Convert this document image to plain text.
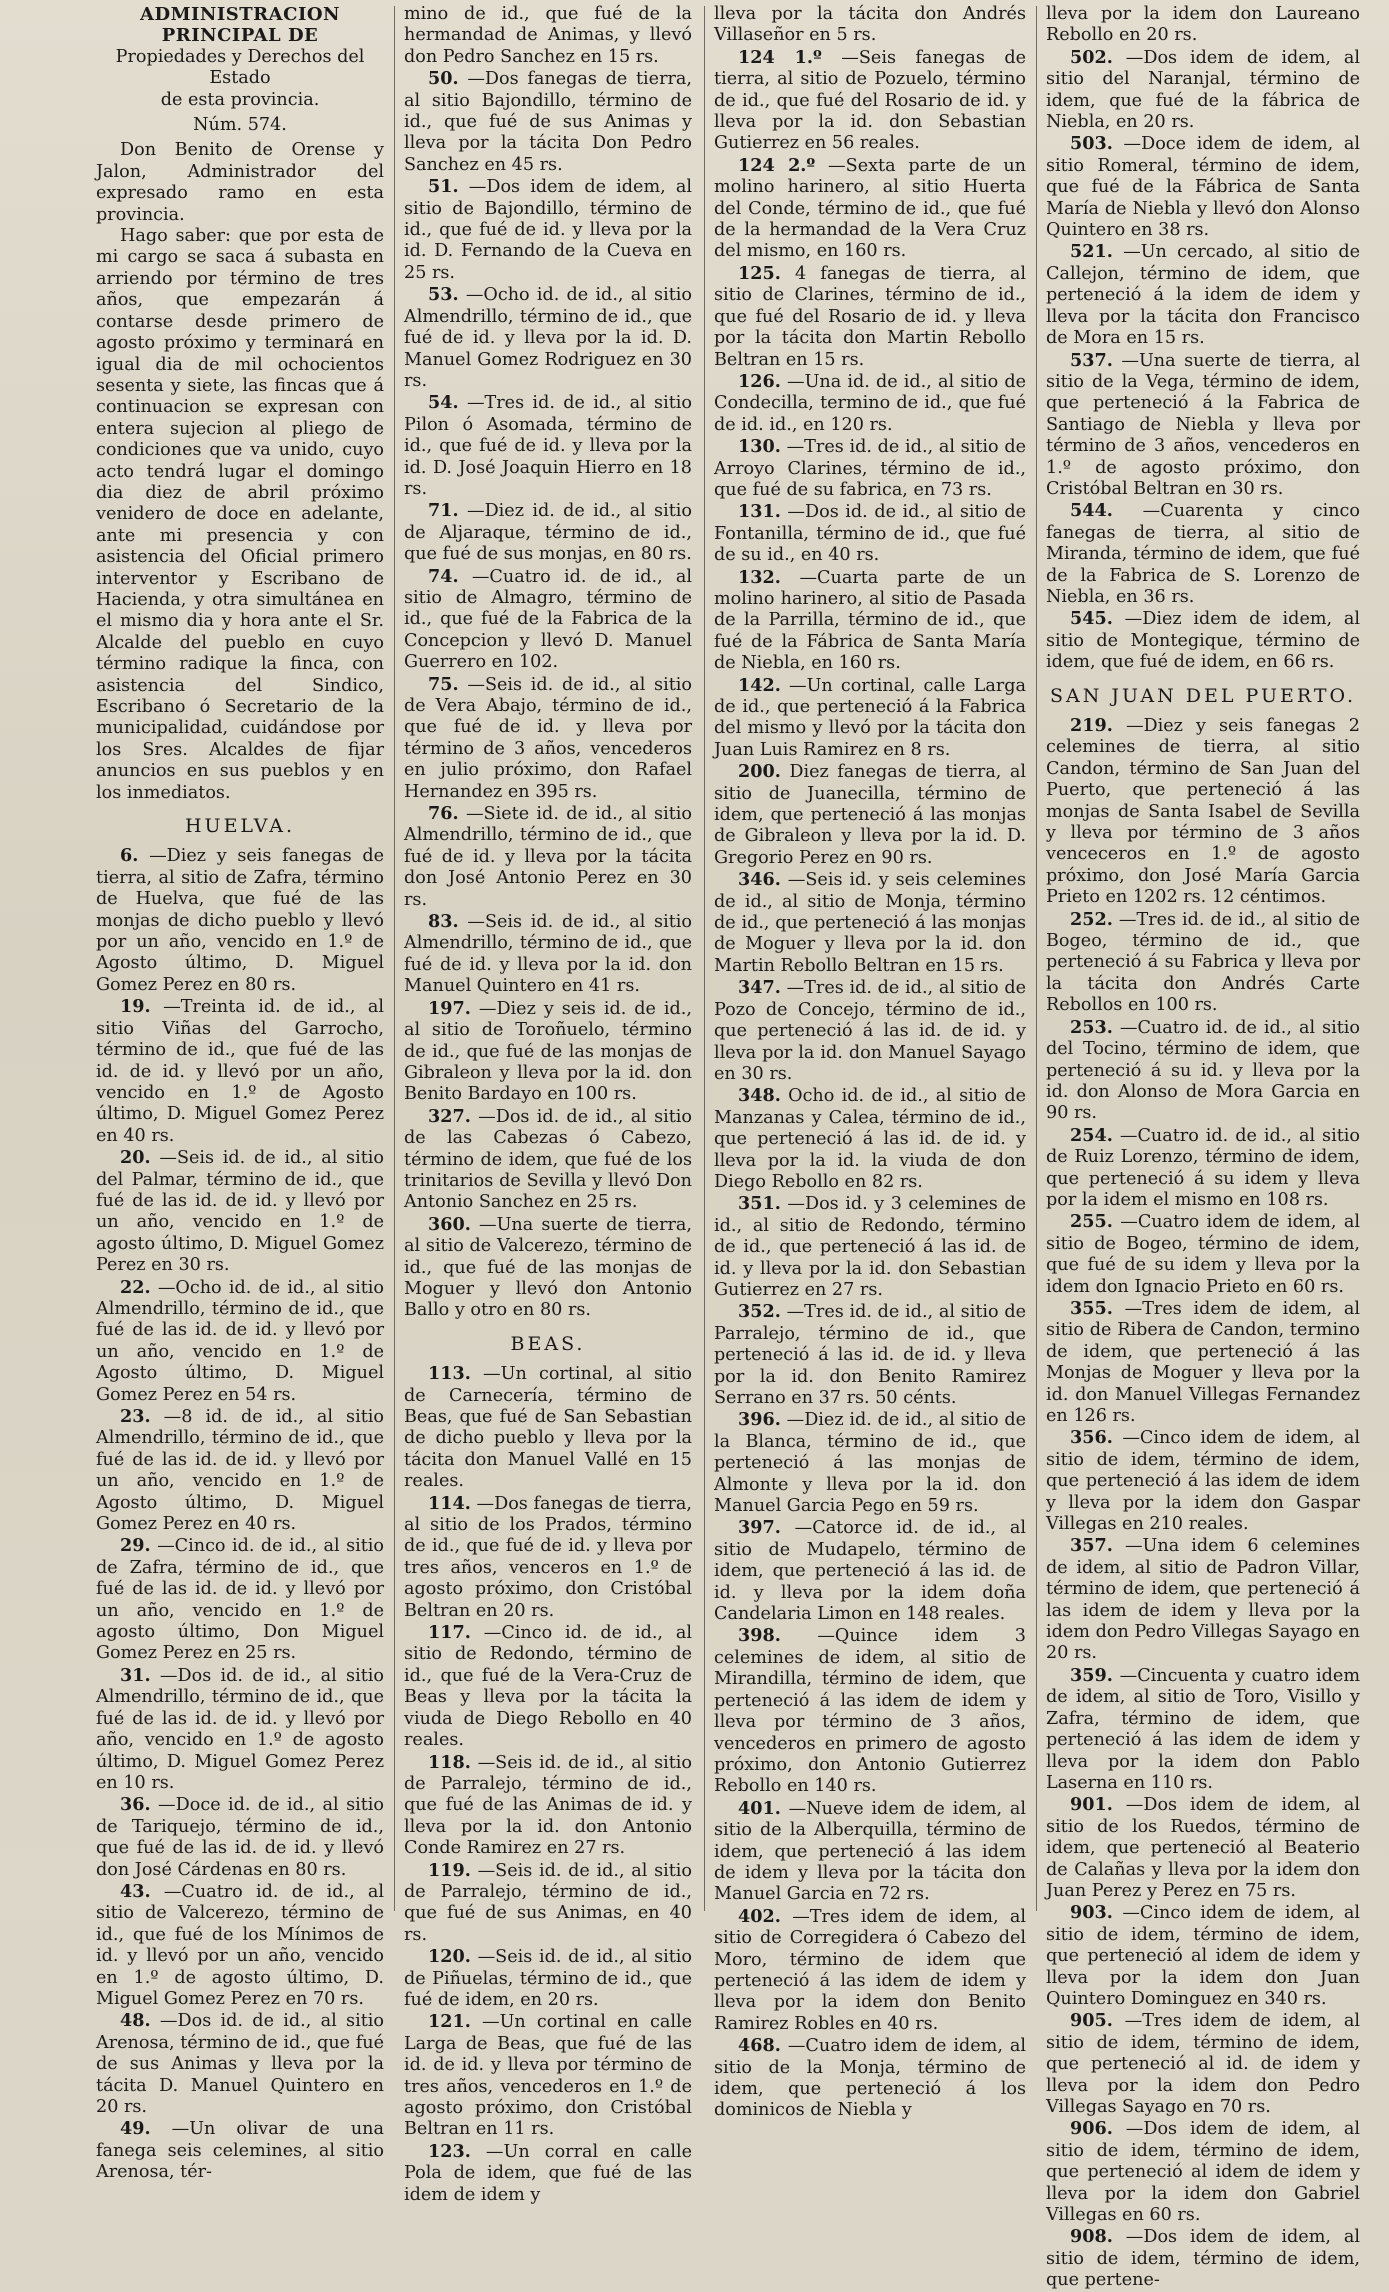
ADMINISTRACION PRINCIPAL DE
Propiedades y Derechos del Estado
de esta provincia.
Núm. 574.

Don Benito de Orense y Jalon, Administrador del expresado ramo en esta provincia.

Hago saber: que por esta de mi cargo se saca á subasta en arriendo por término de tres años, que empezarán á contarse desde primero de agosto próximo y terminará en igual dia de mil ochocientos sesenta y siete, las fincas que á continuacion se expresan con entera sujecion al pliego de condiciones que va unido, cuyo acto tendrá lugar el domingo dia diez de abril próximo venidero de doce en adelante, ante mi presencia y con asistencia del Oficial primero interventor y Escribano de Hacienda, y otra simultánea en el mismo dia y hora ante el Sr. Alcalde del pueblo en cuyo término radique la finca, con asistencia del Sindico, Escribano ó Secretario de la municipalidad, cuidándose por los Sres. Alcaldes de fijar anuncios en sus pueblos y en los inmediatos.

HUELVA.

6. —Diez y seis fanegas de tierra, al sitio de Zafra, término de Huelva, que fué de las monjas de dicho pueblo y llevó por un año, vencido en 1.º de Agosto último, D. Miguel Gomez Perez en 80 rs.

19. —Treinta id. de id., al sitio Viñas del Garrocho, término de id., que fué de las id. de id. y llevó por un año, vencido en 1.º de Agosto último, D. Miguel Gomez Perez en 40 rs.

20. —Seis id. de id., al sitio del Palmar, término de id., que fué de las id. de id. y llevó por un año, vencido en 1.º de agosto último, D. Miguel Gomez Perez en 30 rs.

22. —Ocho id. de id., al sitio Almendrillo, término de id., que fué de las id. de id. y llevó por un año, vencido en 1.º de Agosto último, D. Miguel Gomez Perez en 54 rs.

23. —8 id. de id., al sitio Almendrillo, término de id., que fué de las id. de id. y llevó por un año, vencido en 1.º de Agosto último, D. Miguel Gomez Perez en 40 rs.

29. —Cinco id. de id., al sitio de Zafra, término de id., que fué de las id. de id. y llevó por un año, vencido en 1.º de agosto último, Don Miguel Gomez Perez en 25 rs.

31. —Dos id. de id., al sitio Almendrillo, término de id., que fué de las id. de id. y llevó por año, vencido en 1.º de agosto último, D. Miguel Gomez Perez en 10 rs.

36. —Doce id. de id., al sitio de Tariquejo, término de id., que fué de las id. de id. y llevó don José Cárdenas en 80 rs.

43. —Cuatro id. de id., al sitio de Valcerezo, término de id., que fué de los Mínimos de id. y llevó por un año, vencido en 1.º de agosto último, D. Miguel Gomez Perez en 70 rs.

48. —Dos id. de id., al sitio Arenosa, término de id., que fué de sus Animas y lleva por la tácita D. Manuel Quintero en 20 rs.

49. —Un olivar de una fanega seis celemines, al sitio Arenosa, tér-

mino de id., que fué de la hermandad de Animas, y llevó don Pedro Sanchez en 15 rs.

50. —Dos fanegas de tierra, al sitio Bajondillo, término de id., que fué de sus Animas y lleva por la tácita Don Pedro Sanchez en 45 rs.

51. —Dos idem de idem, al sitio de Bajondillo, término de id., que fué de id. y lleva por la id. D. Fernando de la Cueva en 25 rs.

53. —Ocho id. de id., al sitio Almendrillo, término de id., que fué de id. y lleva por la id. D. Manuel Gomez Rodriguez en 30 rs.

54. —Tres id. de id., al sitio Pilon ó Asomada, término de id., que fué de id. y lleva por la id. D. José Joaquin Hierro en 18 rs.

71. —Diez id. de id., al sitio de Aljaraque, término de id., que fué de sus monjas, en 80 rs.

74. —Cuatro id. de id., al sitio de Almagro, término de id., que fué de la Fabrica de la Concepcion y llevó D. Manuel Guerrero en 102.

75. —Seis id. de id., al sitio de Vera Abajo, término de id., que fué de id. y lleva por término de 3 años, vencederos en julio próximo, don Rafael Hernandez en 395 rs.

76. —Siete id. de id., al sitio Almendrillo, término de id., que fué de id. y lleva por la tácita don José Antonio Perez en 30 rs.

83. —Seis id. de id., al sitio Almendrillo, término de id., que fué de id. y lleva por la id. don Manuel Quintero en 41 rs.

197. —Diez y seis id. de id., al sitio de Toroñuelo, término de id., que fué de las monjas de Gibraleon y lleva por la id. don Benito Bardayo en 100 rs.

327. —Dos id. de id., al sitio de las Cabezas ó Cabezo, término de idem, que fué de los trinitarios de Sevilla y llevó Don Antonio Sanchez en 25 rs.

360. —Una suerte de tierra, al sitio de Valcerezo, término de id., que fué de las monjas de Moguer y llevó don Antonio Ballo y otro en 80 rs.

BEAS.

113. —Un cortinal, al sitio de Carnecería, término de Beas, que fué de San Sebastian de dicho pueblo y lleva por la tácita don Manuel Vallé en 15 reales.

114. —Dos fanegas de tierra, al sitio de los Prados, término de id., que fué de id. y lleva por tres años, venceros en 1.º de agosto próximo, don Cristóbal Beltran en 20 rs.

117. —Cinco id. de id., al sitio de Redondo, término de id., que fué de la Vera-Cruz de Beas y lleva por la tácita la viuda de Diego Rebollo en 40 reales.

118. —Seis id. de id., al sitio de Parralejo, término de id., que fué de las Animas de id. y lleva por la id. don Antonio Conde Ramirez en 27 rs.

119. —Seis id. de id., al sitio de Parralejo, término de id., que fué de sus Animas, en 40 rs.

120. —Seis id. de id., al sitio de Piñuelas, término de id., que fué de idem, en 20 rs.

121. —Un cortinal en calle Larga de Beas, que fué de las id. de id. y lleva por término de tres años, vencederos en 1.º de agosto próximo, don Cristóbal Beltran en 11 rs.

123. —Un corral en calle Pola de idem, que fué de las idem de idem y

lleva por la tácita don Andrés Villaseñor en 5 rs.

124 1.º —Seis fanegas de tierra, al sitio de Pozuelo, término de id., que fué del Rosario de id. y lleva por la id. don Sebastian Gutierrez en 56 reales.

124 2.º —Sexta parte de un molino harinero, al sitio Huerta del Conde, término de id., que fué de la hermandad de la Vera Cruz del mismo, en 160 rs.

125. 4 fanegas de tierra, al sitio de Clarines, término de id., que fué del Rosario de id. y lleva por la tácita don Martin Rebollo Beltran en 15 rs.

126. —Una id. de id., al sitio de Condecilla, termino de id., que fué de id. id., en 120 rs.

130. —Tres id. de id., al sitio de Arroyo Clarines, término de id., que fué de su fabrica, en 73 rs.

131. —Dos id. de id., al sitio de Fontanilla, término de id., que fué de su id., en 40 rs.

132. —Cuarta parte de un molino harinero, al sitio de Pasada de la Parrilla, término de id., que fué de la Fábrica de Santa María de Niebla, en 160 rs.

142. —Un cortinal, calle Larga de id., que perteneció á la Fabrica del mismo y llevó por la tácita don Juan Luis Ramirez en 8 rs.

200. Diez fanegas de tierra, al sitio de Juanecilla, término de idem, que perteneció á las monjas de Gibraleon y lleva por la id. D. Gregorio Perez en 90 rs.

346. —Seis id. y seis celemines de id., al sitio de Monja, término de id., que perteneció á las monjas de Moguer y lleva por la id. don Martin Rebollo Beltran en 15 rs.

347. —Tres id. de id., al sitio de Pozo de Concejo, término de id., que perteneció á las id. de id. y lleva por la id. don Manuel Sayago en 30 rs.

348. Ocho id. de id., al sitio de Manzanas y Calea, término de id., que perteneció á las id. de id. y lleva por la id. la viuda de don Diego Rebollo en 82 rs.

351. —Dos id. y 3 celemines de id., al sitio de Redondo, término de id., que perteneció á las id. de id. y lleva por la id. don Sebastian Gutierrez en 27 rs.

352. —Tres id. de id., al sitio de Parralejo, término de id., que perteneció á las id. de id. y lleva por la id. don Benito Ramirez Serrano en 37 rs. 50 cénts.

396. —Diez id. de id., al sitio de la Blanca, término de id., que perteneció á las monjas de Almonte y lleva por la id. don Manuel Garcia Pego en 59 rs.

397. —Catorce id. de id., al sitio de Mudapelo, término de idem, que perteneció á las id. de id. y lleva por la idem doña Candelaria Limon en 148 reales.

398. —Quince idem 3 celemines de idem, al sitio de Mirandilla, término de idem, que perteneció á las idem de idem y lleva por término de 3 años, vencederos en primero de agosto próximo, don Antonio Gutierrez Rebollo en 140 rs.

401. —Nueve idem de idem, al sitio de la Alberquilla, término de idem, que perteneció á las idem de idem y lleva por la tácita don Manuel Garcia en 72 rs.

402. —Tres idem de idem, al sitio de Corregidera ó Cabezo del Moro, término de idem que perteneció á las idem de idem y lleva por la idem don Benito Ramirez Robles en 40 rs.

468. —Cuatro idem de idem, al sitio de la Monja, término de idem, que perteneció á los dominicos de Niebla y

lleva por la idem don Laureano Rebollo en 20 rs.

502. —Dos idem de idem, al sitio del Naranjal, término de idem, que fué de la fábrica de Niebla, en 20 rs.

503. —Doce idem de idem, al sitio Romeral, término de idem, que fué de la Fábrica de Santa María de Niebla y llevó don Alonso Quintero en 38 rs.

521. —Un cercado, al sitio de Callejon, término de idem, que perteneció á la idem de idem y lleva por la tácita don Francisco de Mora en 15 rs.

537. —Una suerte de tierra, al sitio de la Vega, término de idem, que perteneció á la Fabrica de Santiago de Niebla y lleva por término de 3 años, vencederos en 1.º de agosto próximo, don Cristóbal Beltran en 30 rs.

544. —Cuarenta y cinco fanegas de tierra, al sitio de Miranda, término de idem, que fué de la Fabrica de S. Lorenzo de Niebla, en 36 rs.

545. —Diez idem de idem, al sitio de Montegique, término de idem, que fué de idem, en 66 rs.

SAN JUAN DEL PUERTO.

219. —Diez y seis fanegas 2 celemines de tierra, al sitio Candon, término de San Juan del Puerto, que perteneció á las monjas de Santa Isabel de Sevilla y lleva por término de 3 años venceceros en 1.º de agosto próximo, don José María Garcia Prieto en 1202 rs. 12 céntimos.

252. —Tres id. de id., al sitio de Bogeo, término de id., que perteneció á su Fabrica y lleva por la tácita don Andrés Carte Rebollos en 100 rs.

253. —Cuatro id. de id., al sitio del Tocino, término de idem, que perteneció á su id. y lleva por la id. don Alonso de Mora Garcia en 90 rs.

254. —Cuatro id. de id., al sitio de Ruiz Lorenzo, término de idem, que perteneció á su idem y lleva por la idem el mismo en 108 rs.

255. —Cuatro idem de idem, al sitio de Bogeo, término de idem, que fué de su idem y lleva por la idem don Ignacio Prieto en 60 rs.

355. —Tres idem de idem, al sitio de Ribera de Candon, termino de idem, que perteneció á las Monjas de Moguer y lleva por la id. don Manuel Villegas Fernandez en 126 rs.

356. —Cinco idem de idem, al sitio de idem, término de idem, que perteneció á las idem de idem y lleva por la idem don Gaspar Villegas en 210 reales.

357. —Una idem 6 celemines de idem, al sitio de Padron Villar, término de idem, que perteneció á las idem de idem y lleva por la idem don Pedro Villegas Sayago en 20 rs.

359. —Cincuenta y cuatro idem de idem, al sitio de Toro, Visillo y Zafra, término de idem, que perteneció á las idem de idem y lleva por la idem don Pablo Laserna en 110 rs.

901. —Dos idem de idem, al sitio de los Ruedos, término de idem, que perteneció al Beaterio de Calañas y lleva por la idem don Juan Perez y Perez en 75 rs.

903. —Cinco idem de idem, al sitio de idem, término de idem, que perteneció al idem de idem y lleva por la idem don Juan Quintero Dominguez en 340 rs.

905. —Tres idem de idem, al sitio de idem, término de idem, que perteneció al id. de idem y lleva por la idem don Pedro Villegas Sayago en 70 rs.

906. —Dos idem de idem, al sitio de idem, término de idem, que perteneció al idem de idem y lleva por la idem don Gabriel Villegas en 60 rs.

908. —Dos idem de idem, al sitio de idem, término de idem, que pertene-
